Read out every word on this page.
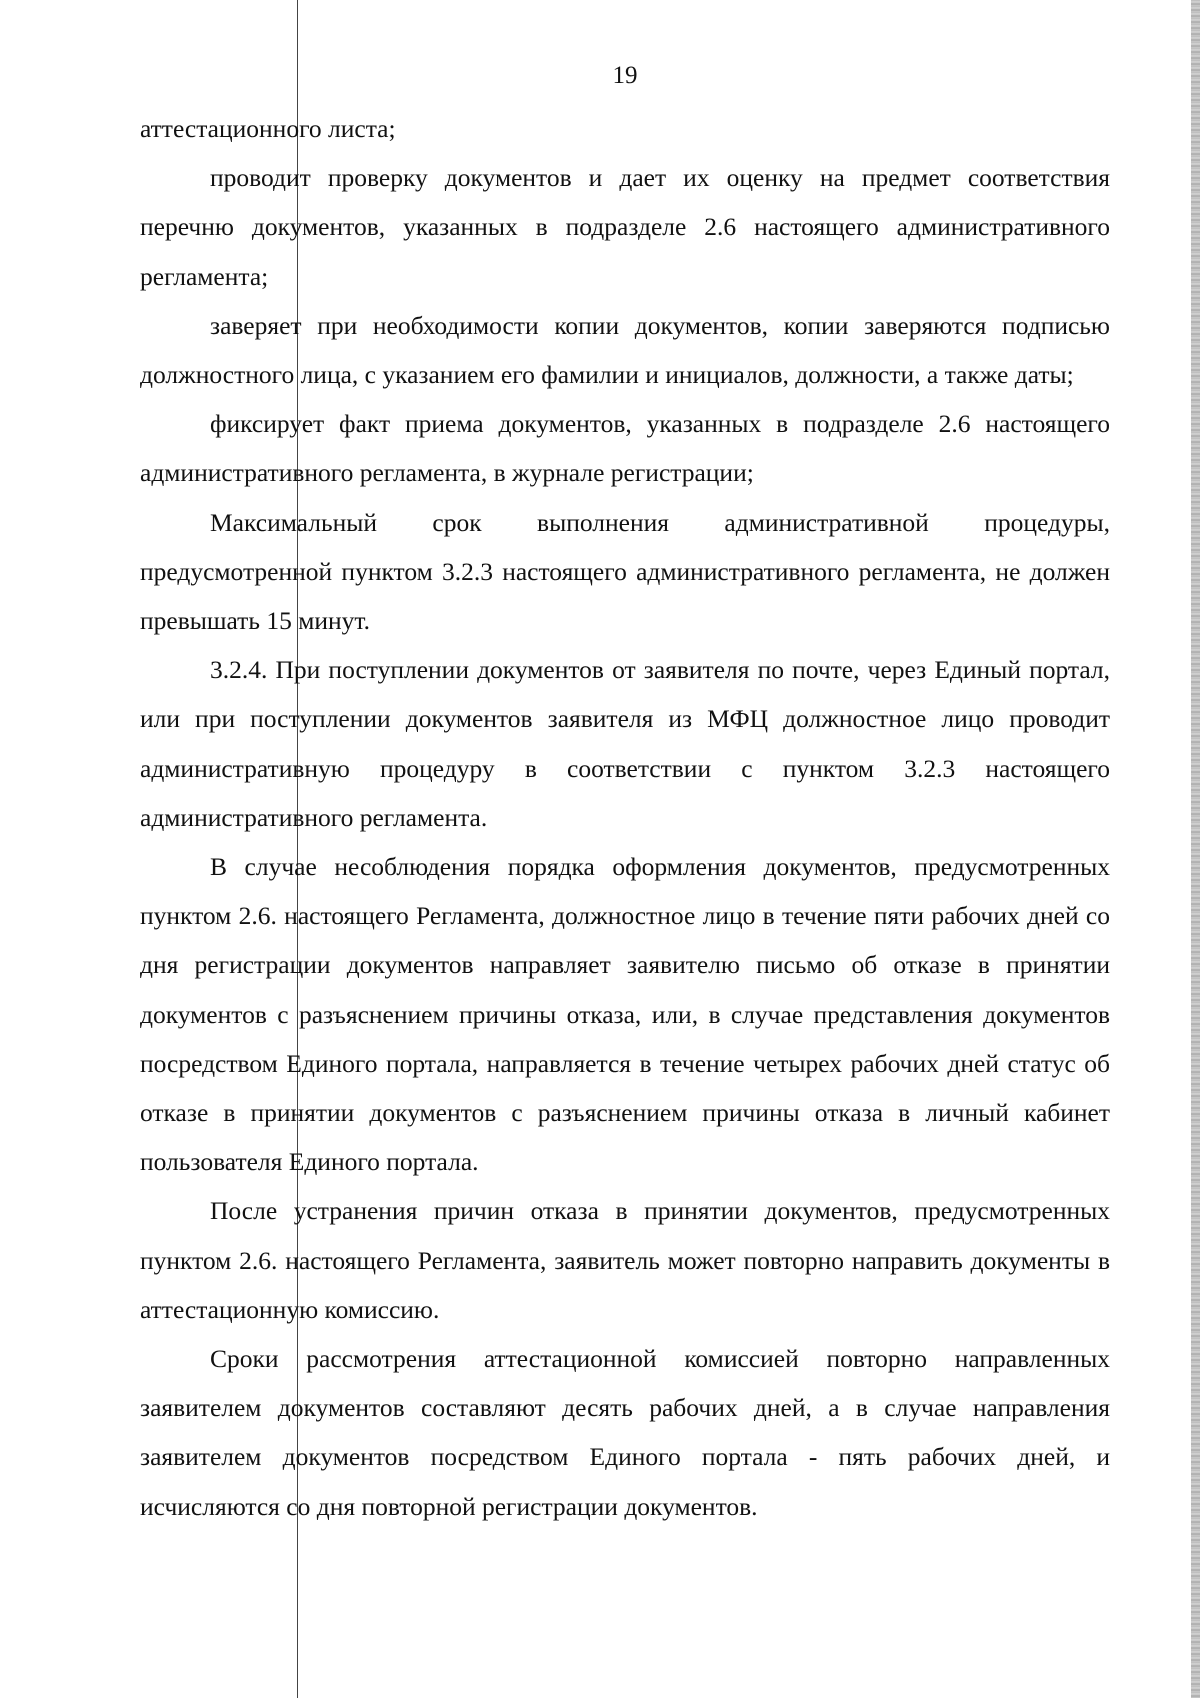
19

аттестационного листа;

проводит проверку документов и дает их оценку на предмет соответствия перечню документов, указанных в подразделе 2.6 настоящего административного регламента;

заверяет при необходимости копии документов, копии заверяются подписью должностного лица, с указанием его фамилии и инициалов, должности, а также даты;

фиксирует факт приема документов, указанных в подразделе 2.6 настоящего административного регламента, в журнале регистрации;

Максимальный срок выполнения административной процедуры, предусмотренной пунктом 3.2.3 настоящего административного регламента, не должен превышать 15 минут.

3.2.4. При поступлении документов от заявителя по почте, через Единый портал, или при поступлении документов заявителя из МФЦ должностное лицо проводит административную процедуру в соответствии с пунктом 3.2.3 настоящего административного регламента.

В случае несоблюдения порядка оформления документов, предусмотренных пунктом 2.6. настоящего Регламента, должностное лицо в течение пяти рабочих дней со дня регистрации документов направляет заявителю письмо об отказе в принятии документов с разъяснением причины отказа, или, в случае представления документов посредством Единого портала, направляется в течение четырех рабочих дней статус об отказе в принятии документов с разъяснением причины отказа в личный кабинет пользователя Единого портала.

После устранения причин отказа в принятии документов, предусмотренных пунктом 2.6. настоящего Регламента, заявитель может повторно направить документы в аттестационную комиссию.

Сроки рассмотрения аттестационной комиссией повторно направленных заявителем документов составляют десять рабочих дней, а в случае направления заявителем документов посредством Единого портала - пять рабочих дней, и исчисляются со дня повторной регистрации документов.
